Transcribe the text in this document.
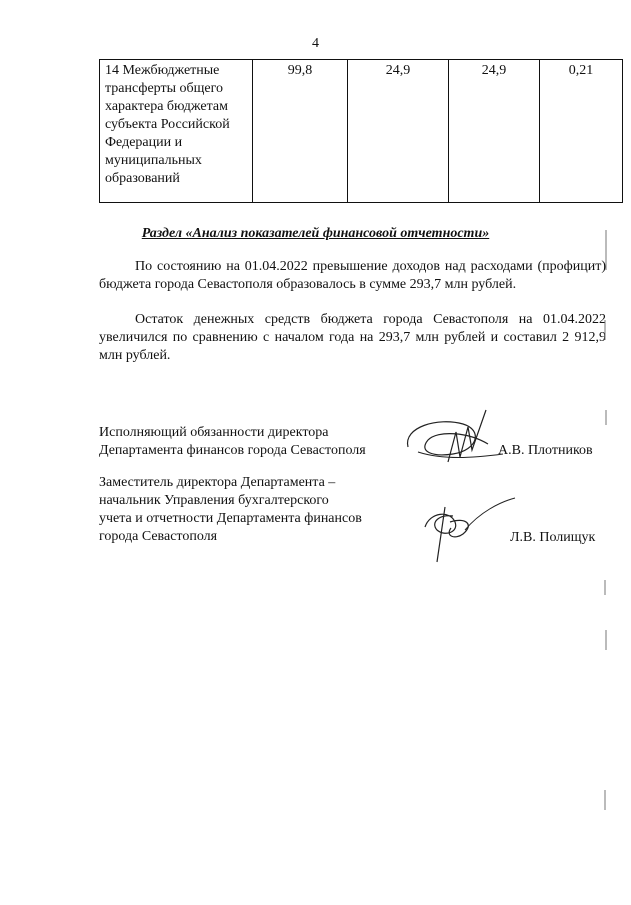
4
14 Межбюджетные трансферты общего характера бюджетам субъекта Российской Федерации и муниципальных образований	99,8	24,9	24,9	0,21
Раздел «Анализ показателей финансовой отчетности»

По состоянию на 01.04.2022 превышение доходов над расходами (профицит) бюджета города Севастополя образовалось в сумме 293,7 млн рублей.

Остаток денежных средств бюджета города Севастополя на 01.04.2022 увеличился по сравнению с началом года на 293,7 млн рублей и составил 2 912,9 млн рублей.

Исполняющий обязанности директора
Департамента финансов города Севастополя	А.В. Плотников
Заместитель директора Департамента –
начальник Управления бухгалтерского
учета и отчетности Департамента финансов
города Севастополя	Л.В. Полищук
